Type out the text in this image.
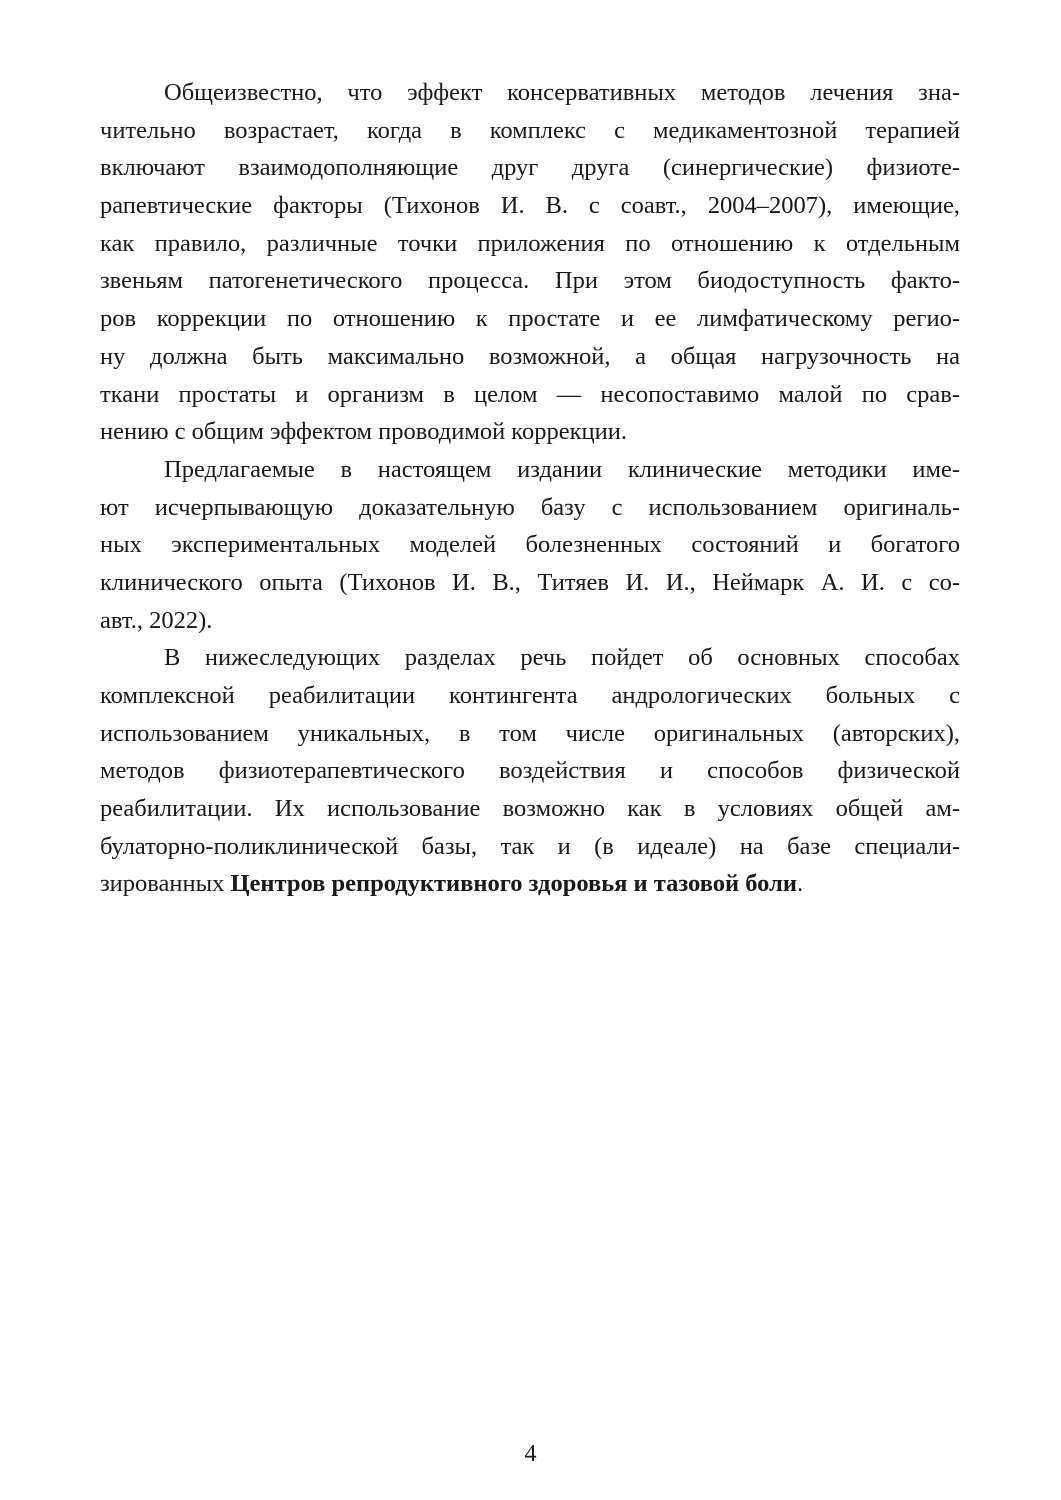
Общеизвестно, что эффект консервативных методов лечения зна-
чительно возрастает, когда в комплекс с медикаментозной терапией
включают взаимодополняющие друг друга (синергические) физиоте-
рапевтические факторы (Тихонов И. В. с соавт., 2004–2007), имеющие,
как правило, различные точки приложения по отношению к отдельным
звеньям патогенетического процесса. При этом биодоступность факто-
ров коррекции по отношению к простате и ее лимфатическому регио-
ну должна быть максимально возможной, а общая нагрузочность на
ткани простаты и организм в целом — несопоставимо малой по срав-
нению с общим эффектом проводимой коррекции.
Предлагаемые в настоящем издании клинические методики име-
ют исчерпывающую доказательную базу с использованием оригиналь-
ных экспериментальных моделей болезненных состояний и богатого
клинического опыта (Тихонов И. В., Титяев И. И., Неймарк А. И. с со-
авт., 2022).
В нижеследующих разделах речь пойдет об основных способах
комплексной реабилитации контингента андрологических больных с
использованием уникальных, в том числе оригинальных (авторских),
методов физиотерапевтического воздействия и способов физической
реабилитации. Их использование возможно как в условиях общей ам-
булаторно-поликлинической базы, так и (в идеале) на базе специали-
зированных Центров репродуктивного здоровья и тазовой боли.
4
